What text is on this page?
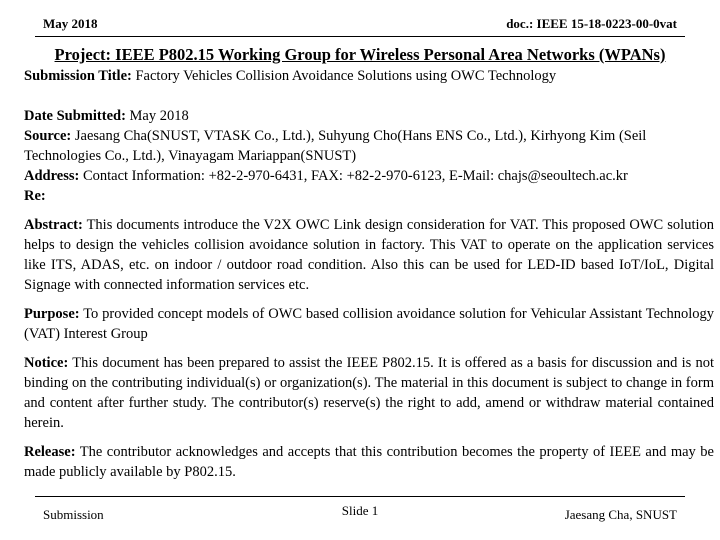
May 2018	doc.: IEEE 15-18-0223-00-0vat
Project: IEEE P802.15 Working Group for Wireless Personal Area Networks (WPANs)

Submission Title: Factory Vehicles Collision Avoidance Solutions using OWC Technology

Date Submitted: May 2018

Source: Jaesang Cha(SNUST, VTASK Co., Ltd.), Suhyung Cho(Hans ENS Co., Ltd.), Kirhyong Kim (Seil Technologies Co., Ltd.), Vinayagam Mariappan(SNUST)

Address: Contact Information: +82-2-970-6431, FAX: +82-2-970-6123, E-Mail: chajs@seoultech.ac.kr

Re:

Abstract: This documents introduce the V2X OWC Link design consideration for VAT. This proposed OWC solution helps to design the vehicles collision avoidance solution in factory. This VAT to operate on the application services like ITS, ADAS, etc. on indoor / outdoor road condition. Also this can be used for LED-ID based IoT/IoL, Digital Signage with connected information services etc.

Purpose: To provided concept models of OWC based collision avoidance solution for Vehicular Assistant Technology (VAT) Interest Group

Notice: This document has been prepared to assist the IEEE P802.15. It is offered as a basis for discussion and is not binding on the contributing individual(s) or organization(s). The material in this document is subject to change in form and content after further study. The contributor(s) reserve(s) the right to add, amend or withdraw material contained herein.

Release: The contributor acknowledges and accepts that this contribution becomes the property of IEEE and may be made publicly available by P802.15.

Submission	Slide 1	Jaesang Cha, SNUST
